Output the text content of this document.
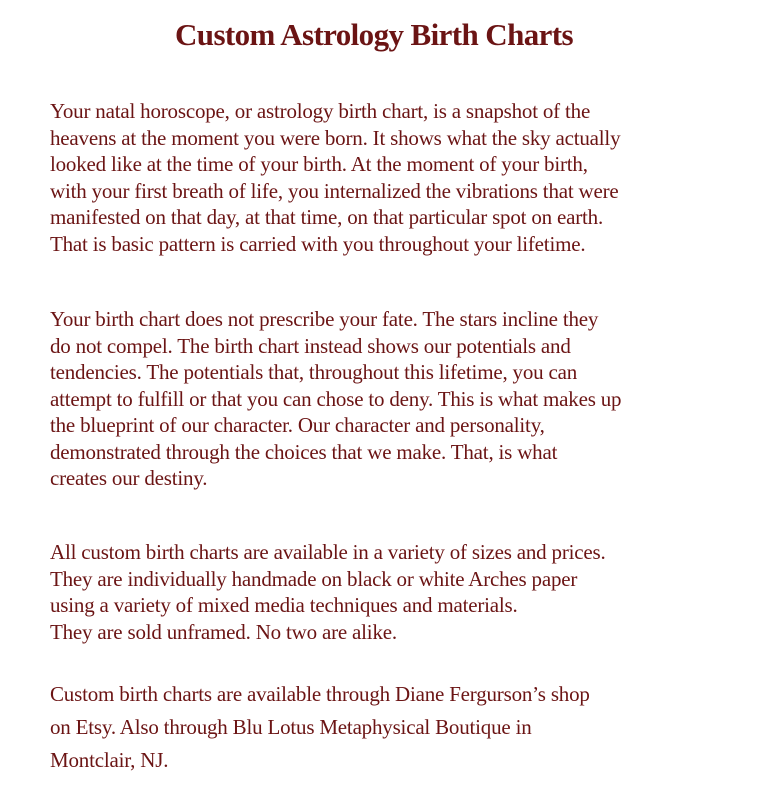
Custom Astrology Birth Charts

Your natal horoscope, or astrology birth chart, is a snapshot of the
heavens at the moment you were born. It shows what the sky actually
looked like at the time of your birth. At the moment of your birth,
with your first breath of life, you internalized the vibrations that were
manifested on that day, at that time, on that particular spot on earth.
That is basic pattern is carried with you throughout your lifetime.

Your birth chart does not prescribe your fate. The stars incline they
do not compel. The birth chart instead shows our potentials and
tendencies. The potentials that, throughout this lifetime, you can
attempt to fulfill or that you can chose to deny. This is what makes up
the blueprint of our character. Our character and personality,
demonstrated through the choices that we make. That, is what
creates our destiny.

All custom birth charts are available in a variety of sizes and prices.
They are individually handmade on black or white Arches paper
using a variety of mixed media techniques and materials.
They are sold unframed. No two are alike.

Custom birth charts are available through Diane Fergurson’s shop
on Etsy. Also through Blu Lotus Metaphysical Boutique in
Montclair, NJ.
